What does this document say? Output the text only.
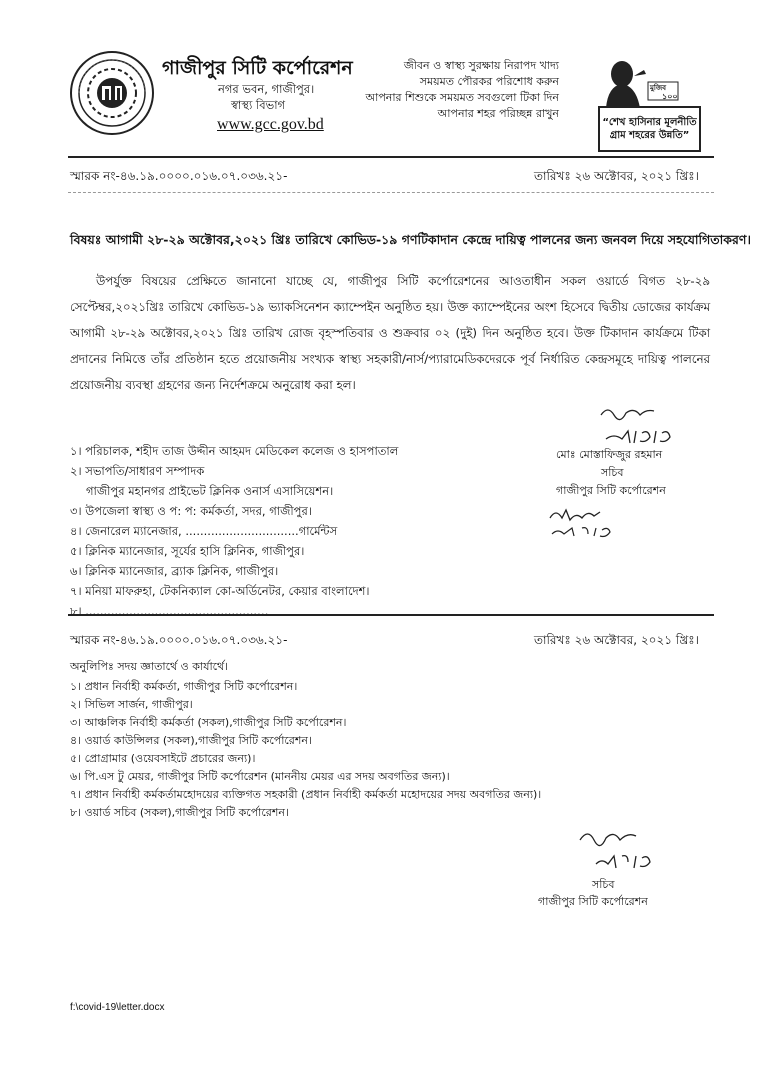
গাজীপুর সিটি কর্পোরেশন
নগর ভবন, গাজীপুর।
স্বাস্থ্য বিভাগ
www.gcc.gov.bd
জীবন ও স্বাস্থ্য সুরক্ষায় নিরাপদ খাদ্য
সময়মত পৌরকর পরিশোধ করুন
আপনার শিশুকে সময়মত সবগুলো টিকা দিন
আপনার শহর পরিচ্ছন্ন রাখুন
মুজিব
১০০
“শেখ হাসিনার মূলনীতি গ্রাম শহরের উন্নতি”
স্মারক নং-৪৬.১৯.০০০০.০১৬.০৭.০৩৬.২১-	তারিখঃ ২৬ অক্টোবর, ২০২১ খ্রিঃ।
বিষয়ঃ আগামী ২৮-২৯ অক্টোবর,২০২১ খ্রিঃ তারিখে কোভিড-১৯ গণটিকাদান কেন্দ্রে দায়িত্ব পালনের জন্য জনবল দিয়ে সহযোগিতাকরণ।
উপর্যুক্ত বিষয়ের প্রেক্ষিতে জানানো যাচ্ছে যে, গাজীপুর সিটি কর্পোরেশনের আওতাধীন সকল ওয়ার্ডে বিগত ২৮-২৯ সেপ্টেম্বর,২০২১খ্রিঃ তারিখে কোভিড-১৯ ভ্যাকসিনেশন ক্যাম্পেইন অনুষ্ঠিত হয়। উক্ত ক্যাম্পেইনের অংশ হিসেবে দ্বিতীয় ডোজের কার্যক্রম আগামী ২৮-২৯ অক্টোবর,২০২১ খ্রিঃ তারিখ রোজ বৃহস্পতিবার ও শুক্রবার ০২ (দুই) দিন অনুষ্ঠিত হবে। উক্ত টিকাদান কার্যক্রমে টিকা প্রদানের নিমিত্তে তাঁর প্রতিষ্ঠান হতে প্রয়োজনীয় সংখ্যক স্বাস্থ্য সহকারী/নার্স/প্যারামেডিকদেরকে পূর্ব নির্ধারিত কেন্দ্রসমূহে দায়িত্ব পালনের প্রয়োজনীয় ব্যবস্থা গ্রহণের জন্য নির্দেশক্রমে অনুরোধ করা হল।
মোঃ মোস্তাফিজুর রহমান
সচিব
গাজীপুর সিটি কর্পোরেশন
১। পরিচালক, শহীদ তাজ উদ্দীন আহমদ মেডিকেল কলেজ ও হাসপাতাল
২। সভাপতি/সাধারণ সম্পাদক
গাজীপুর মহানগর প্রাইভেট ক্লিনিক ওনার্স এসাসিয়েশন।
৩। উপজেলা স্বাস্থ্য ও প: প: কর্মকর্তা, সদর, গাজীপুর।
৪। জেনারেল ম্যানেজার, ...............................গার্মেন্টস
৫। ক্লিনিক ম্যানেজার, সূর্যের হাসি ক্লিনিক, গাজীপুর।
৬। ক্লিনিক ম্যানেজার, ব্র্যাক ক্লিনিক, গাজীপুর।
৭। মনিয়া মাফরুহা, টেকনিক্যাল কো-অর্ডিনেটর, কেয়ার বাংলাদেশ।
৮। ...............................................…
স্মারক নং-৪৬.১৯.০০০০.০১৬.০৭.০৩৬.২১-	তারিখঃ ২৬ অক্টোবর, ২০২১ খ্রিঃ।
অনুলিপিঃ সদয় জ্ঞাতার্থে ও কার্যার্থে।
১। প্রধান নির্বাহী কর্মকর্তা, গাজীপুর সিটি কর্পোরেশন।
২। সিভিল সার্জন, গাজীপুর।
৩। আঞ্চলিক নির্বাহী কর্মকর্তা (সকল),গাজীপুর সিটি কর্পোরেশন।
৪। ওয়ার্ড কাউন্সিলর (সকল),গাজীপুর সিটি কর্পোরেশন।
৫। প্রোগ্রামার (ওয়েবসাইটে প্রচারের জন্য)।
৬। পি.এস টু মেয়র, গাজীপুর সিটি কর্পোরেশন (মাননীয় মেয়র এর সদয় অবগতির জন্য)।
৭। প্রধান নির্বাহী কর্মকর্তামহোদয়ের ব্যক্তিগত সহকারী (প্রধান নির্বাহী কর্মকর্তা মহোদয়ের সদয় অবগতির জন্য)।
৮। ওয়ার্ড সচিব (সকল),গাজীপুর সিটি কর্পোরেশন।
সচিব
গাজীপুর সিটি কর্পোরেশন
f:\covid-19\letter.docx
